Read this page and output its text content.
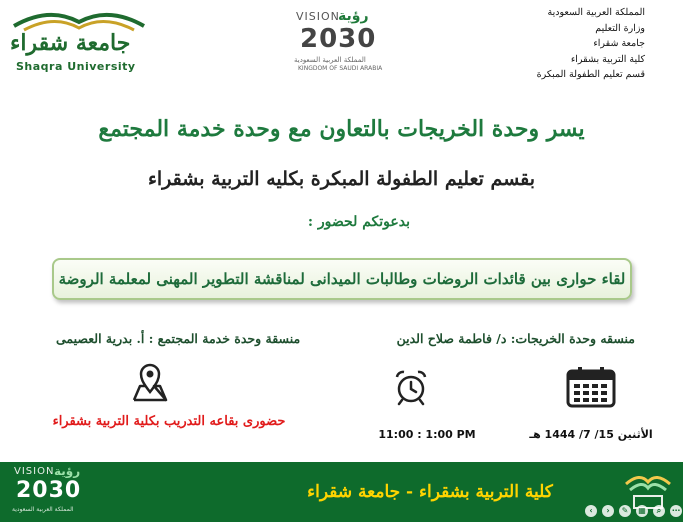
جامعة شقراء
Shaqra University
VISION
رؤية
2030
المملكة العربية السعودية
KINGDOM OF SAUDI ARABIA
المملكة العربية السعودية
وزارة التعليم
جامعة شقراء
كلية التربية بشقراء
قسم تعليم الطفولة المبكرة
يسر وحدة الخريجات بالتعاون مع وحدة خدمة المجتمع
بقسم تعليم الطفولة المبكرة بكليه التربية بشقراء
بدعوتكم لحضور :
لقاء حوارى بين قائدات الروضات وطالبات الميدانى لمناقشة التطوير المهنى لمعلمة الروضة
منسقه وحدة الخريجات: د/ فاطمة صلاح الدين
منسقة وحدة خدمة المجتمع : أ. بدرية العصيمى
حضورى بقاعه التدريب بكلية التربية بشقراء
11:00 : 1:00 PM	الأثنين 15/ 7/ 1444 هـ
VISION رؤية
2030
المملكة العربية السعودية
كلية التربية بشقراء - جامعة شقراء
‹	›	✎	▦	⌕	⋯
